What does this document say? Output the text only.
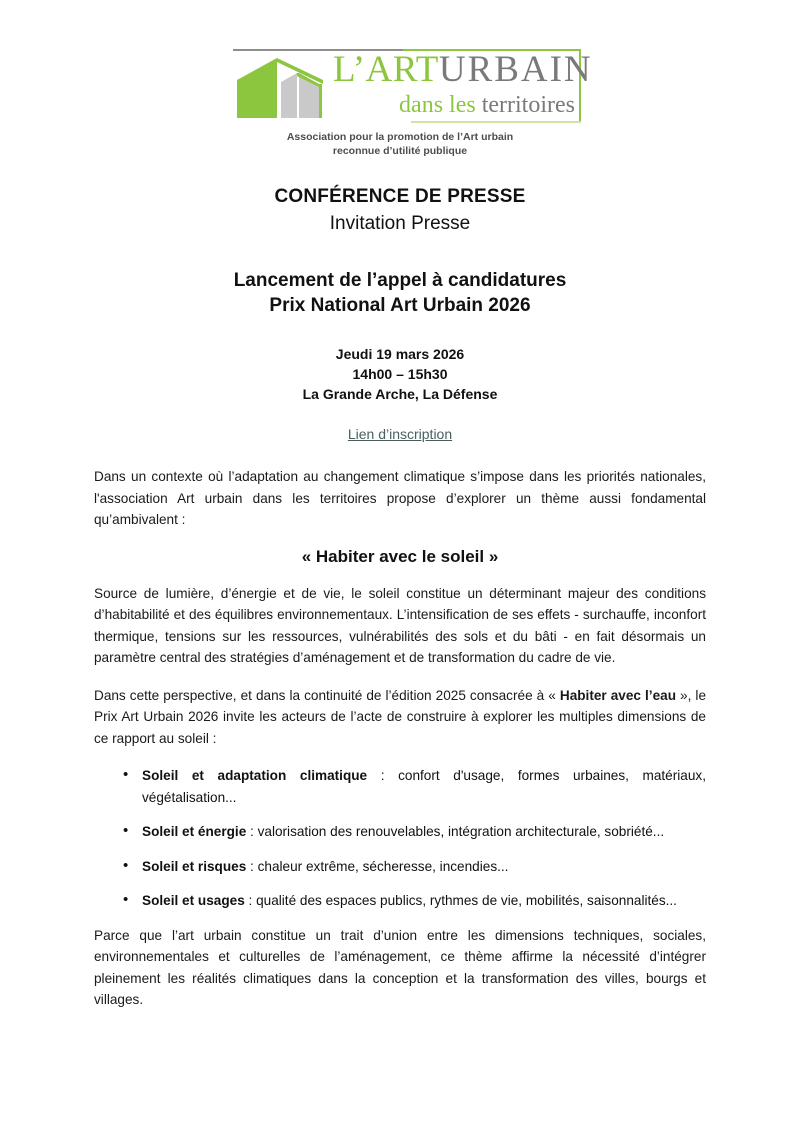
L’ARTURBAIN
dans les territoires
Association pour la promotion de l’Art urbain
reconnue d’utilité publique
CONFÉRENCE DE PRESSE
Invitation Presse
Lancement de l’appel à candidatures
Prix National Art Urbain 2026
Jeudi 19 mars 2026
14h00 – 15h30
La Grande Arche, La Défense
Lien d’inscription

Dans un contexte où l’adaptation au changement climatique s’impose dans les priorités nationales, l'association Art urbain dans les territoires propose d’explorer un thème aussi fondamental qu’ambivalent :

« Habiter avec le soleil »

Source de lumière, d’énergie et de vie, le soleil constitue un déterminant majeur des conditions d’habitabilité et des équilibres environnementaux. L’intensification de ses effets - surchauffe, inconfort thermique, tensions sur les ressources, vulnérabilités des sols et du bâti - en fait désormais un paramètre central des stratégies d’aménagement et de transformation du cadre de vie.

Dans cette perspective, et dans la continuité de l’édition 2025 consacrée à « Habiter avec l’eau », le Prix Art Urbain 2026 invite les acteurs de l’acte de construire à explorer les multiples dimensions de ce rapport au soleil :

• Soleil et adaptation climatique : confort d'usage, formes urbaines, matériaux, végétalisation...
• Soleil et énergie : valorisation des renouvelables, intégration architecturale, sobriété...
• Soleil et risques : chaleur extrême, sécheresse, incendies...
• Soleil et usages : qualité des espaces publics, rythmes de vie, mobilités, saisonnalités...

Parce que l’art urbain constitue un trait d’union entre les dimensions techniques, sociales, environnementales et culturelles de l’aménagement, ce thème affirme la nécessité d’intégrer pleinement les réalités climatiques dans la conception et la transformation des villes, bourgs et villages.
